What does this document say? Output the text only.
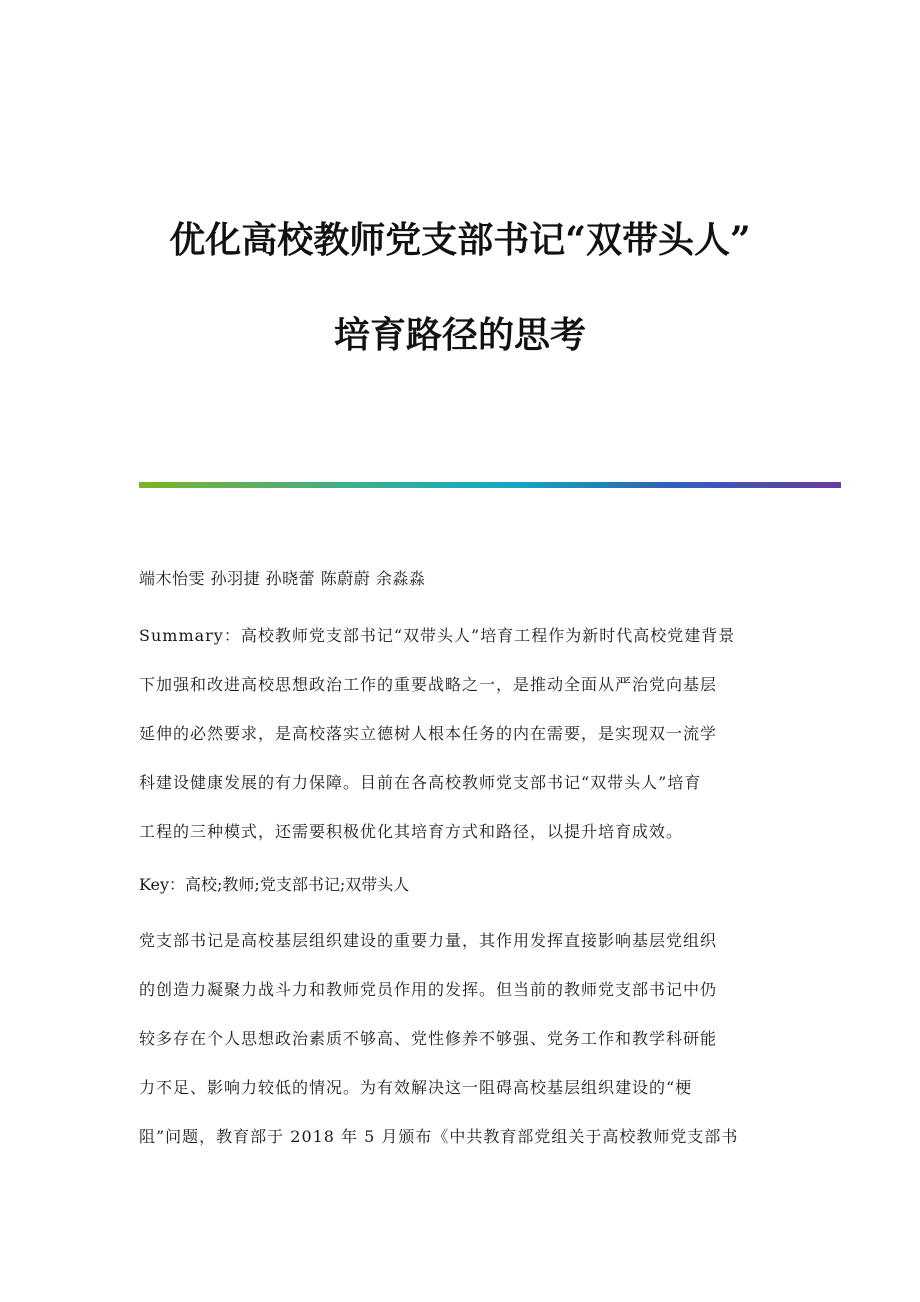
优化高校教师党支部书记“双带头人”
培育路径的思考
端木怡雯 孙羽捷 孙晓蕾 陈蔚蔚 余淼淼
Summary：高校教师党支部书记“双带头人”培育工程作为新时代高校党建背景
下加强和改进高校思想政治工作的重要战略之一，是推动全面从严治党向基层
延伸的必然要求，是高校落实立德树人根本任务的内在需要，是实现双一流学
科建设健康发展的有力保障。目前在各高校教师党支部书记“双带头人”培育
工程的三种模式，还需要积极优化其培育方式和路径，以提升培育成效。
Key：高校;教师;党支部书记;双带头人
党支部书记是高校基层组织建设的重要力量，其作用发挥直接影响基层党组织
的创造力凝聚力战斗力和教师党员作用的发挥。但当前的教师党支部书记中仍
较多存在个人思想政治素质不够高、党性修养不够强、党务工作和教学科研能
力不足、影响力较低的情况。为有效解决这一阻碍高校基层组织建设的“梗
阻”问题，教育部于 2018 年 5 月颁布《中共教育部党组关于高校教师党支部书
